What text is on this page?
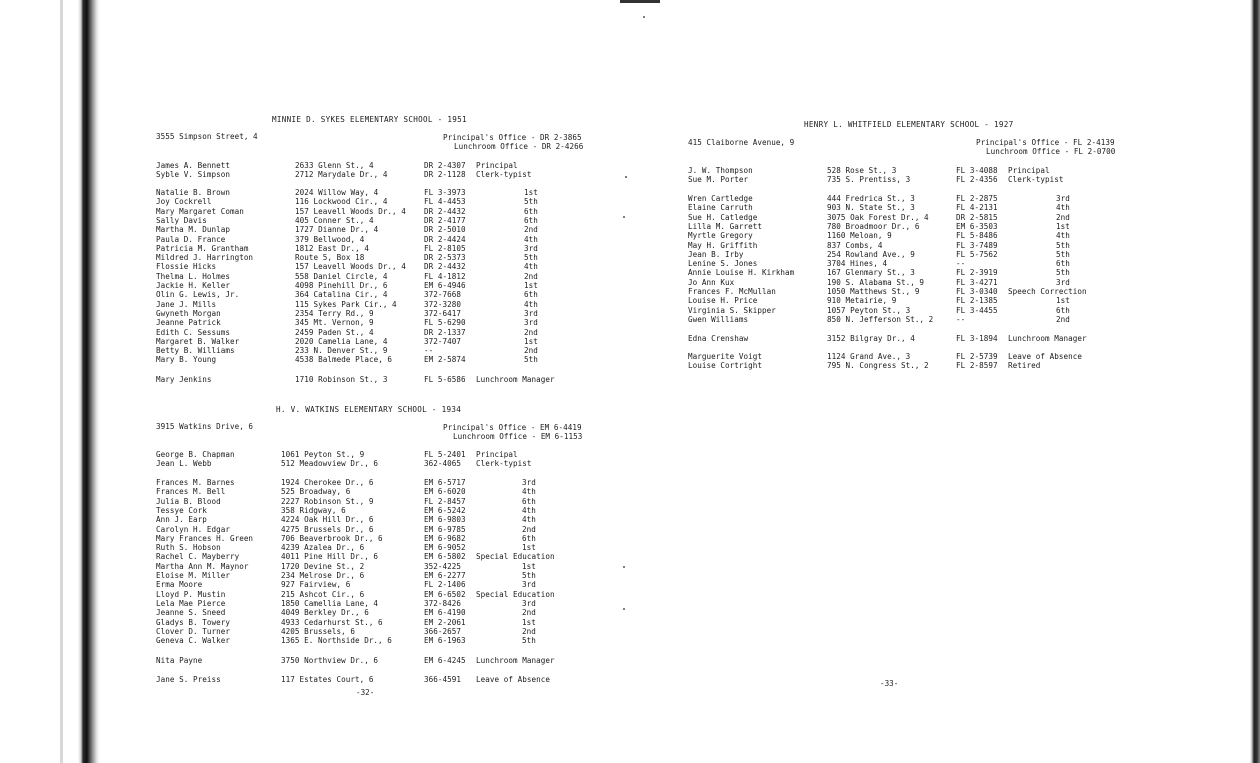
MINNIE D. SYKES ELEMENTARY SCHOOL - 1951
3555 Simpson Street, 4	Principal's Office - DR 2-3865
Lunchroom Office - DR 2-4266
James A. Bennett	2633 Glenn St., 4	DR 2-4307 Principal
Syble V. Simpson	2712 Marydale Dr., 4	DR 2-1128 Clerk-typist
Natalie B. Brown	2024 Willow Way, 4	FL 3-3973	1st
Joy Cockrell	116 Lockwood Cir., 4	FL 4-4453	5th
Mary Margaret Coman	157 Leavell Woods Dr., 4 DR 2-4432	6th
Sally Davis	405 Conner St., 4	DR 2-4177	6th
Martha M. Dunlap	1727 Dianne Dr., 4	DR 2-5010	2nd
Paula D. France	379 Bellwood, 4	DR 2-4424	4th
Patricia M. Grantham	1812 East Dr., 4	FL 2-8105	3rd
Mildred J. Harrington	Route 5, Box 18	DR 2-5373	5th
Flossie Hicks	157 Leavell Woods Dr., 4 DR 2-4432	4th
Thelma L. Holmes	558 Daniel Circle, 4	FL 4-1812	2nd
Jackie H. Keller	4098 Pinehill Dr., 6	EM 6-4946	1st
Olin G. Lewis, Jr.	364 Catalina Cir., 4	372-7668	6th
Jane J. Mills	115 Sykes Park Cir., 4	372-3280	4th
Gwyneth Morgan	2354 Terry Rd., 9	372-6417	3rd
Jeanne Patrick	345 Mt. Vernon, 9	FL 5-6290	3rd
Edith C. Sessums	2459 Paden St., 4	DR 2-1337	2nd
Margaret B. Walker	2020 Camelia Lane, 4	372-7407	1st
Betty B. Williams	233 N. Denver St., 9	--	2nd
Mary B. Young	4538 Balmede Place, 6	EM 2-5874	5th
Mary Jenkins	1710 Robinson St., 3	FL 5-6586 Lunchroom Manager
H. V. WATKINS ELEMENTARY SCHOOL - 1934
3915 Watkins Drive, 6	Principal's Office - EM 6-4419
Lunchroom Office - EM 6-1153
George B. Chapman	1061 Peyton St., 9	FL 5-2401 Principal
Jean L. Webb	512 Meadowview Dr., 6	362-4065 Clerk-typist
Frances M. Barnes	1924 Cherokee Dr., 6	EM 6-5717	3rd
Frances M. Bell	525 Broadway, 6	EM 6-6020	4th
Julia B. Blood	2227 Robinson St., 9	FL 2-8457	6th
Tessye Cork	358 Ridgway, 6	EM 6-5242	4th
Ann J. Earp	4224 Oak Hill Dr., 6	EM 6-9803	4th
Carolyn H. Edgar	4275 Brussels Dr., 6	EM 6-9785	2nd
Mary Frances H. Green	706 Beaverbrook Dr., 6	EM 6-9682	6th
Ruth S. Hobson	4239 Azalea Dr., 6	EM 6-9052	1st
Rachel C. Mayberry	4011 Pine Hill Dr., 6	EM 6-5802 Special Education
Martha Ann M. Maynor	1720 Devine St., 2	352-4225	1st
Eloise M. Miller	234 Melrose Dr., 6	EM 6-2277	5th
Erma Moore	927 Fairview, 6	FL 2-1406	3rd
Lloyd P. Mustin	215 Ashcot Cir., 6	EM 6-6502 Special Education
Lela Mae Pierce	1850 Camellia Lane, 4	372-8426	3rd
Jeanne S. Sneed	4049 Berkley Dr., 6	EM 6-4190	2nd
Gladys B. Towery	4933 Cedarhurst St., 6	EM 2-2061	1st
Clover D. Turner	4205 Brussels, 6	366-2657	2nd
Geneva C. Walker	1365 E. Northside Dr., 6	EM 6-1963	5th
Nita Payne	3750 Northview Dr., 6	EM 6-4245 Lunchroom Manager
Jane S. Preiss	117 Estates Court, 6	366-4591 Leave of Absence
-32-
HENRY L. WHITFIELD ELEMENTARY SCHOOL - 1927
415 Claiborne Avenue, 9	Principal's Office - FL 2-4139
Lunchroom Office - FL 2-0700
J. W. Thompson	528 Rose St., 3	FL 3-4088 Principal
Sue M. Porter	735 S. Prentiss, 3	FL 2-4356 Clerk-typist
Wren Cartledge	444 Fredrica St., 3	FL 2-2875	3rd
Elaine Carruth	903 N. State St., 3	FL 4-2131	4th
Sue H. Catledge	3075 Oak Forest Dr., 4	DR 2-5815	2nd
Lilla M. Garrett	780 Broadmoor Dr., 6	EM 6-3503	1st
Myrtle Gregory	1160 Meloan, 9	FL 5-8486	4th
May H. Griffith	837 Combs, 4	FL 3-7489	5th
Jean B. Irby	254 Rowland Ave., 9	FL 5-7562	5th
Lenine S. Jones	3704 Hines, 4	--	6th
Annie Louise H. Kirkham	167 Glenmary St., 3	FL 2-3919	5th
Jo Ann Kux	190 S. Alabama St., 9	FL 3-4271	3rd
Frances F. McMullan	1050 Matthews St., 9	FL 3-0340 Speech Correction
Louise H. Price	910 Metairie, 9	FL 2-1385	1st
Virginia S. Skipper	1057 Peyton St., 3	FL 3-4455	6th
Gwen Williams	850 N. Jefferson St., 2	--	2nd
Edna Crenshaw	3152 Bilgray Dr., 4	FL 3-1894 Lunchroom Manager
Marguerite Voigt	1124 Grand Ave., 3	FL 2-5739 Leave of Absence
Louise Cortright	795 N. Congress St., 2	FL 2-8597 Retired
-33-
